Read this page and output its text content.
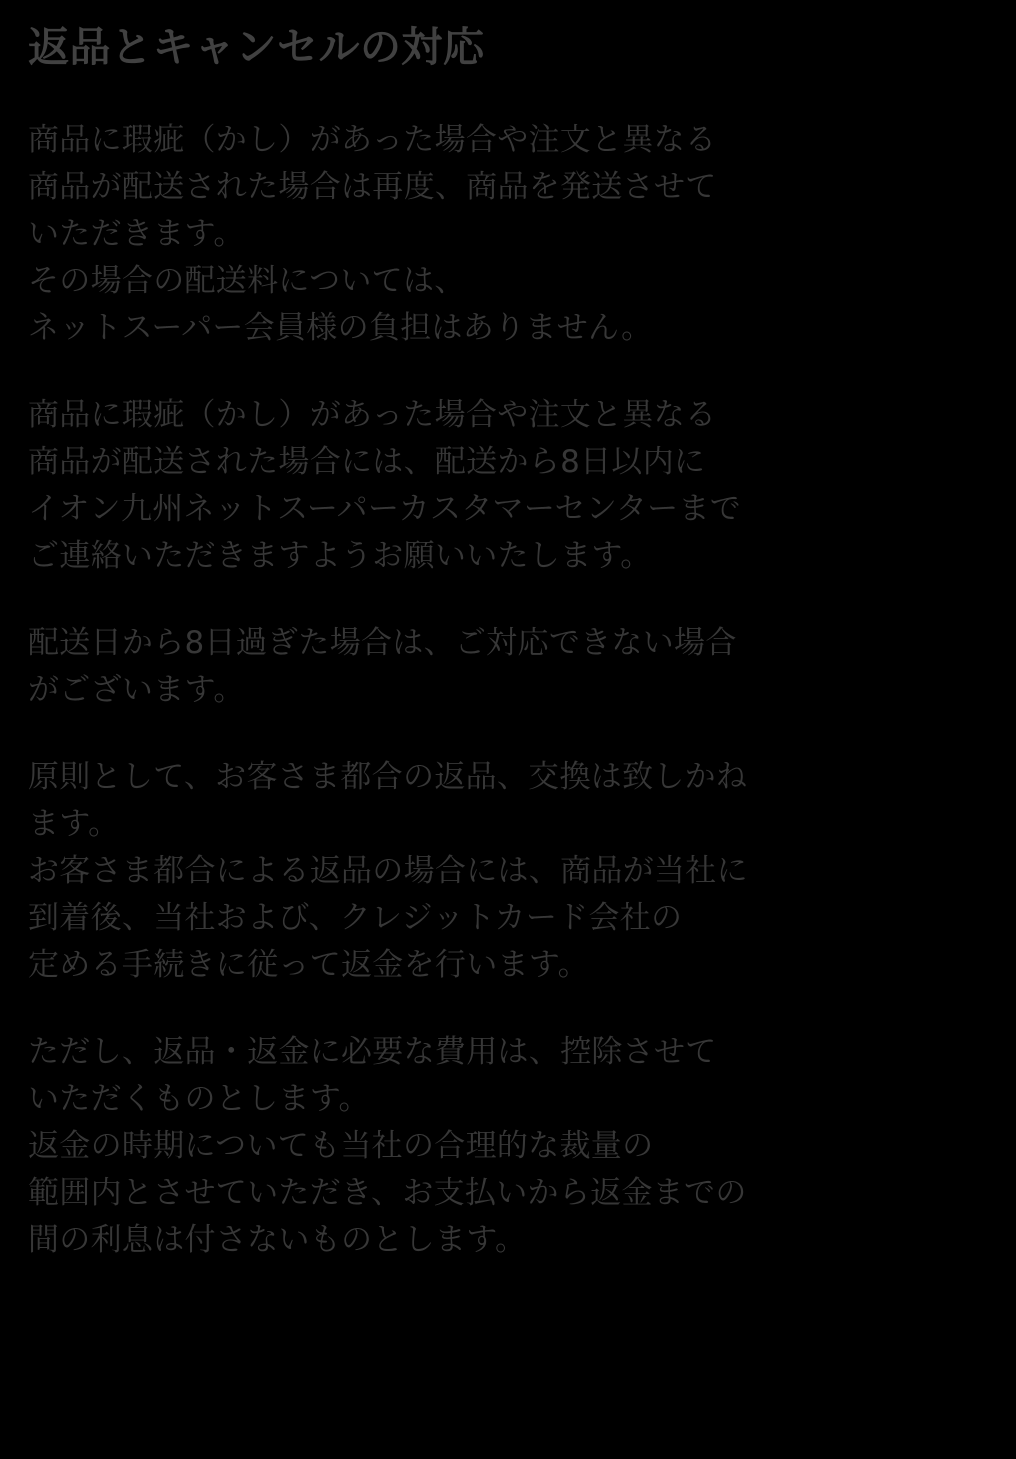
返品とキャンセルの対応

商品に瑕疵（かし）があった場合や注文と異なる
商品が配送された場合は再度、商品を発送させて
いただきます。
その場合の配送料については、
ネットスーパー会員様の負担はありません。

商品に瑕疵（かし）があった場合や注文と異なる
商品が配送された場合には、配送から8日以内に
イオン九州ネットスーパーカスタマーセンターまで
ご連絡いただきますようお願いいたします。

配送日から8日過ぎた場合は、ご対応できない場合
がございます。

原則として、お客さま都合の返品、交換は致しかね
ます。
お客さま都合による返品の場合には、商品が当社に
到着後、当社および、クレジットカード会社の
定める手続きに従って返金を行います。

ただし、返品・返金に必要な費用は、控除させて
いただくものとします。
返金の時期についても当社の合理的な裁量の
範囲内とさせていただき、お支払いから返金までの
間の利息は付さないものとします。
